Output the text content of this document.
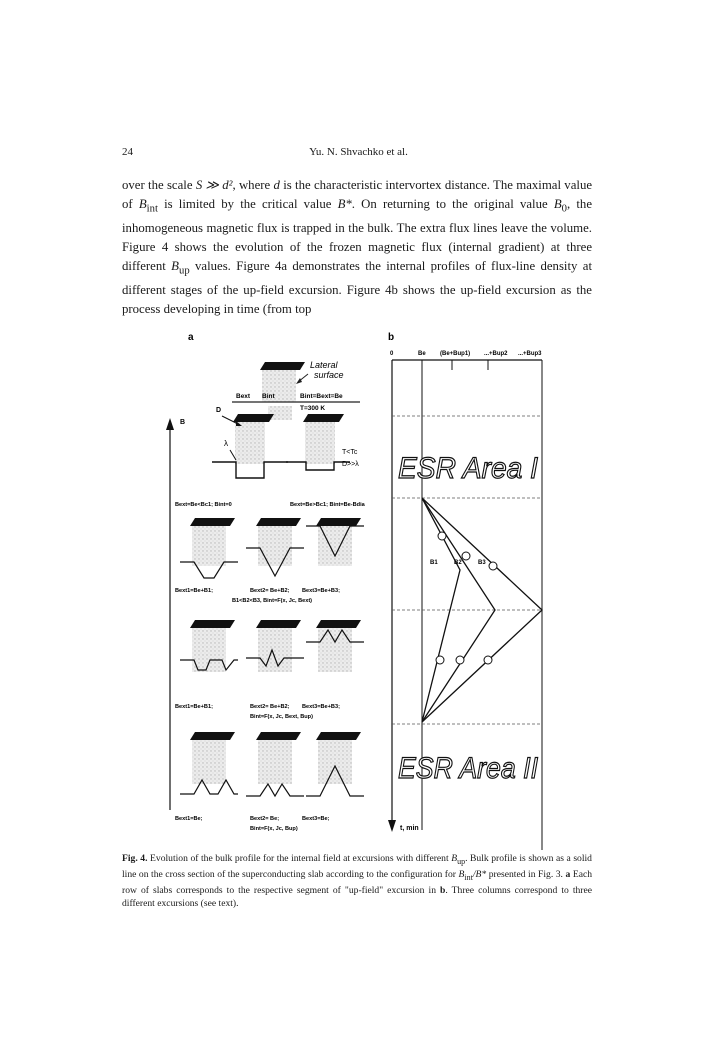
24	Yu. N. Shvachko et al.

over the scale S ≫ d², where d is the characteristic intervortex distance. The maximal value of $B_{int}$ is limited by the critical value B*. On returning to the original value $B_0$, the inhomogeneous magnetic flux is trapped in the bulk. The extra flux lines leave the volume. Figure 4 shows the evolution of the frozen magnetic flux (internal gradient) at three different $B_{up}$ values. Figure 4a demonstrates the internal profiles of flux-line density at different stages of the up-field excursion. Figure 4b shows the up-field excursion as the process developing in time (from top

a
Lateral
surface
Bext Bint	Bint=Bext=Be
T=300 K
B
D
λ
T<Tc
D>>λ
Bext=Be<Bc1; Bint=0	Bext=Be>Bc1; Bint=Be-Bdia
Bext1=Be+B1;	Bext2= Be+B2; Bext3=Be+B3;
B1<B2<B3, Bint=F(x, Jc, Bext)
Bext1=Be+B1;	Bext2= Be+B2; Bext3=Be+B3;
Bint=F(x, Jc, Bext, Bup)
Bext1=Be;	Bext2= Be;	Bext3=Be;
Bint=F(x, Jc, Bup)
b
0	Be (Be+Bup1) ...+Bup2 ...+Bup3
ESR Area I
ESR Area II
B1	B2	B3
t, min
Fig. 4. Evolution of the bulk profile for the internal field at excursions with different $B_{up}$. Bulk profile is shown as a solid line on the cross section of the superconducting slab according to the configuration for $B_{int}/B*$ presented in Fig. 3. a Each row of slabs corresponds to the respective segment of "up-field" excursion in b. Three columns correspond to three different excursions (see text).
